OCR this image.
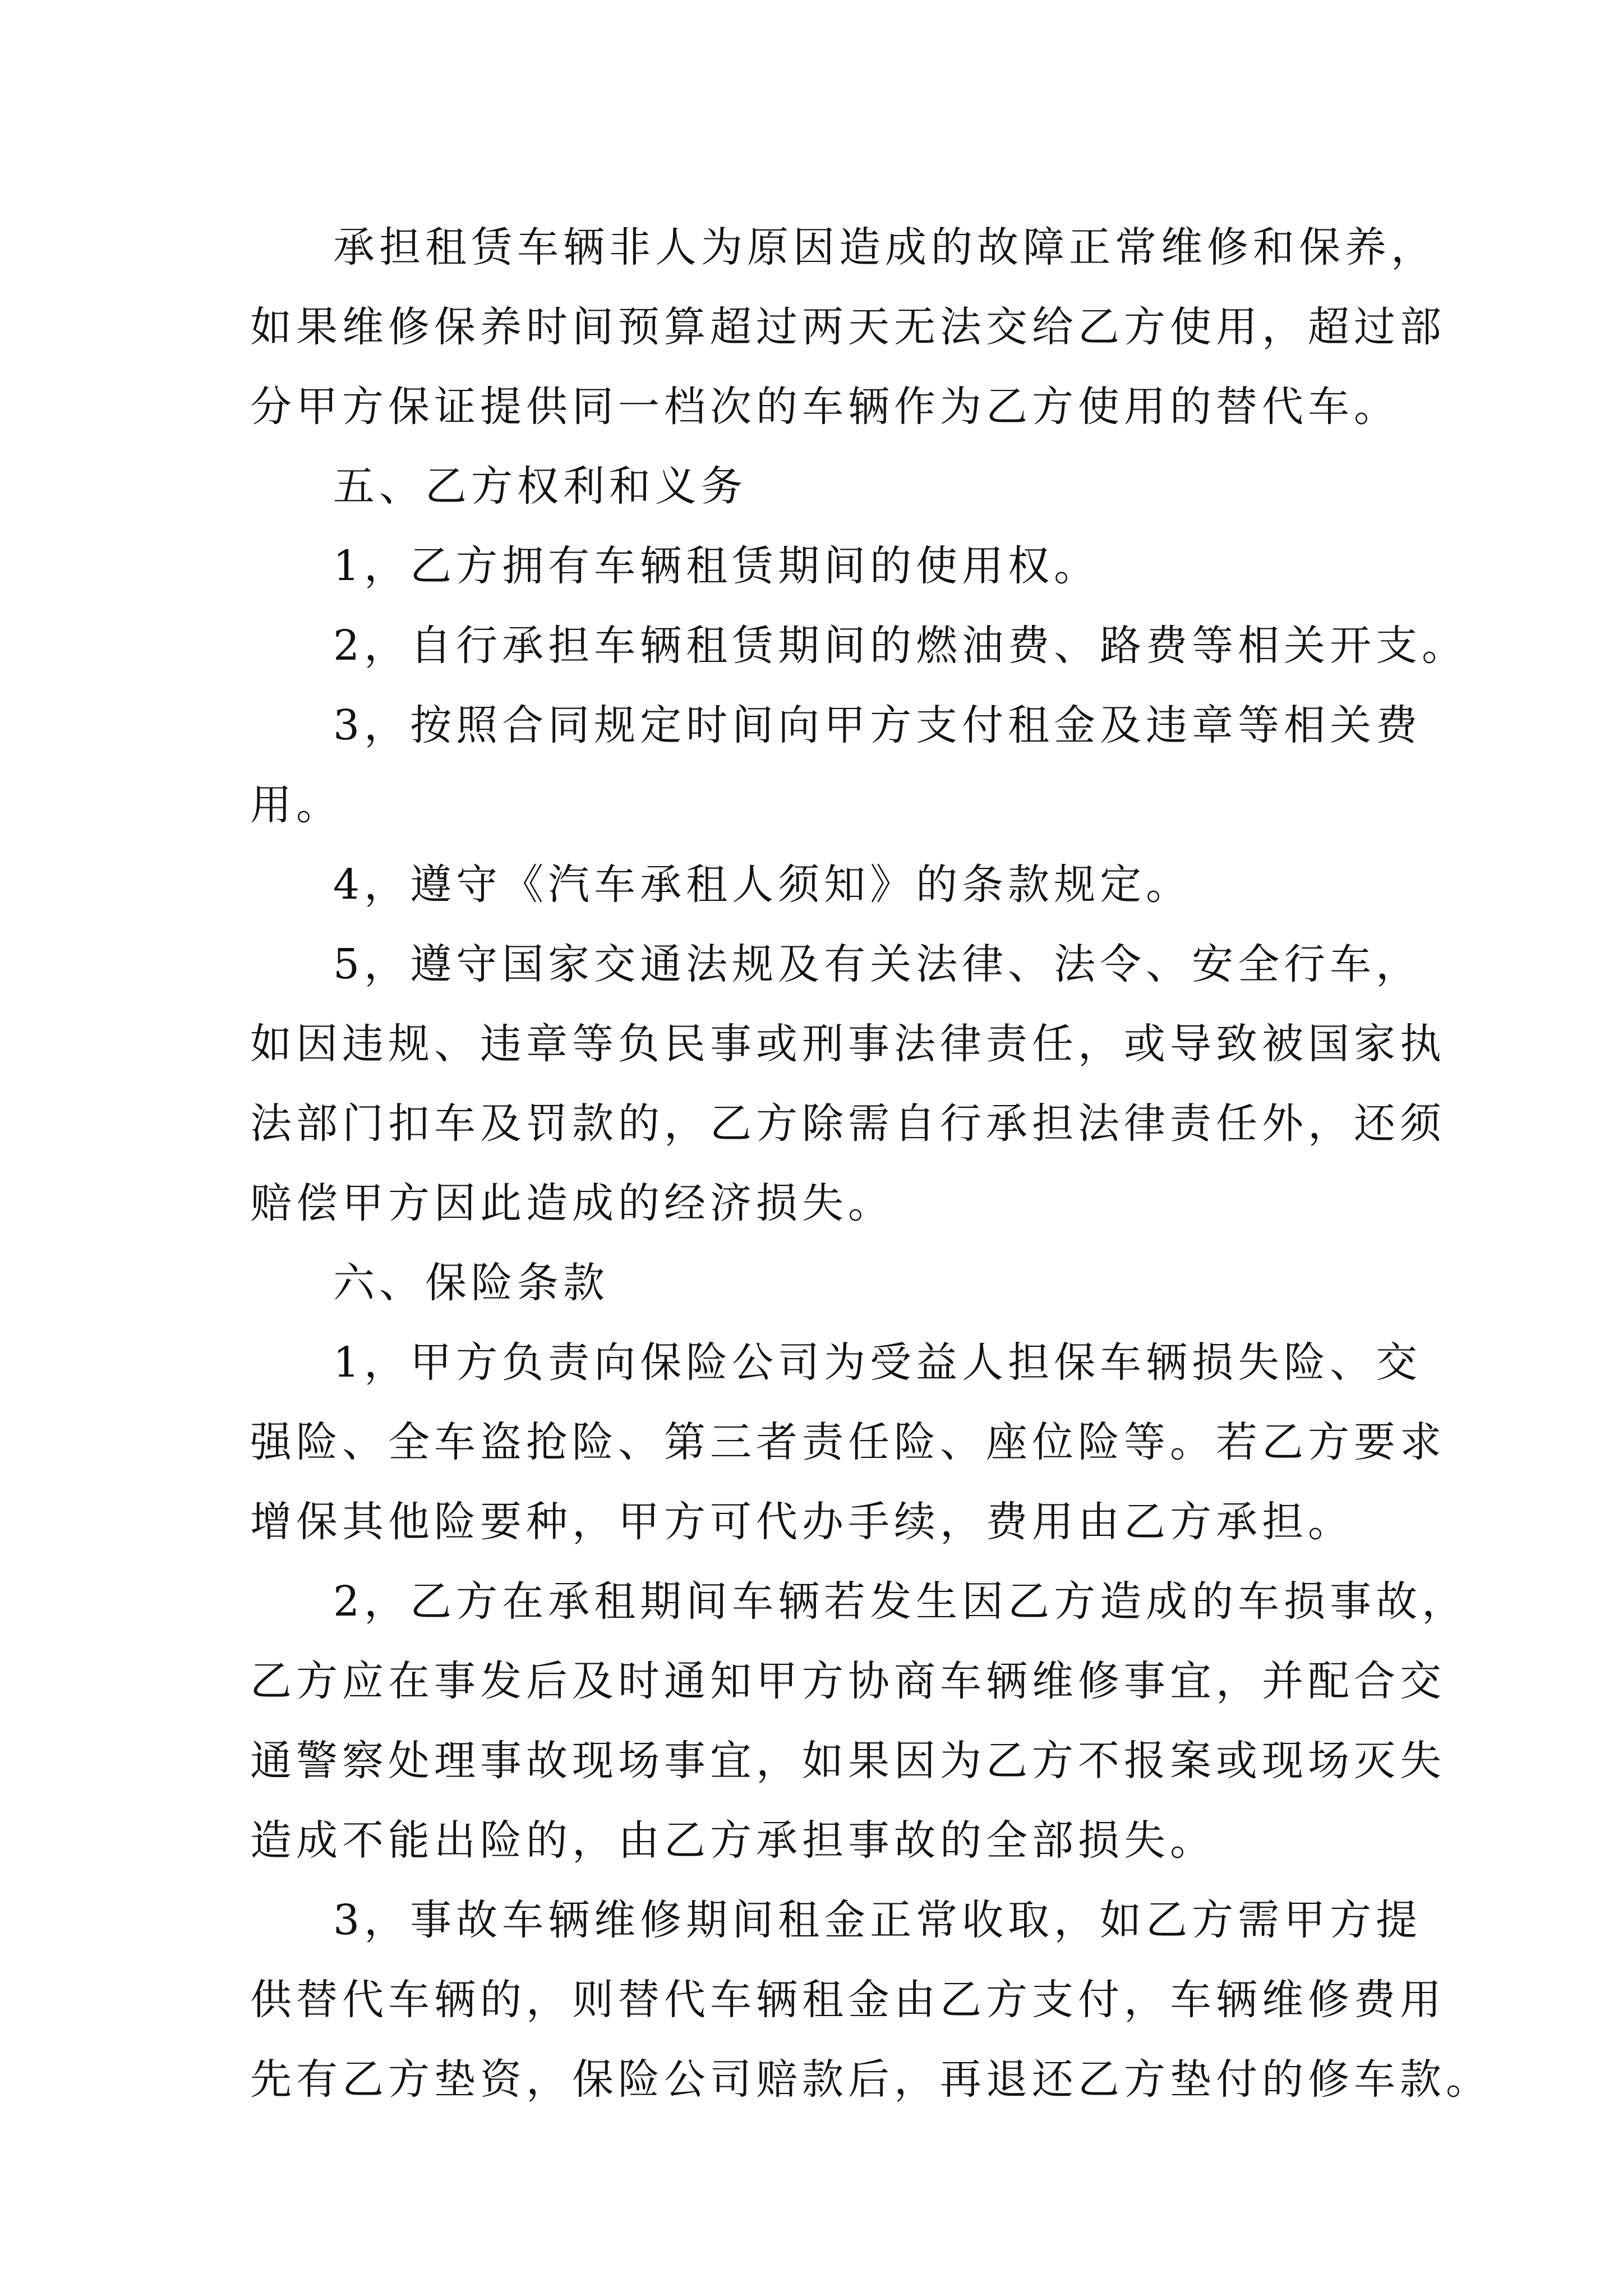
承担租赁车辆非人为原因造成的故障正常维修和保养，
如果维修保养时间预算超过两天无法交给乙方使用，超过部
分甲方保证提供同一档次的车辆作为乙方使用的替代车。
五、乙方权利和义务
1，乙方拥有车辆租赁期间的使用权。
2，自行承担车辆租赁期间的燃油费、路费等相关开支。
3，按照合同规定时间向甲方支付租金及违章等相关费
用。
4，遵守《汽车承租人须知》的条款规定。
5，遵守国家交通法规及有关法律、法令、安全行车，
如因违规、违章等负民事或刑事法律责任，或导致被国家执
法部门扣车及罚款的，乙方除需自行承担法律责任外，还须
赔偿甲方因此造成的经济损失。
六、保险条款
1，甲方负责向保险公司为受益人担保车辆损失险、交
强险、全车盗抢险、第三者责任险、座位险等。若乙方要求
增保其他险要种，甲方可代办手续，费用由乙方承担。
2，乙方在承租期间车辆若发生因乙方造成的车损事故，
乙方应在事发后及时通知甲方协商车辆维修事宜，并配合交
通警察处理事故现场事宜，如果因为乙方不报案或现场灭失
造成不能出险的，由乙方承担事故的全部损失。
3，事故车辆维修期间租金正常收取，如乙方需甲方提
供替代车辆的，则替代车辆租金由乙方支付，车辆维修费用
先有乙方垫资，保险公司赔款后，再退还乙方垫付的修车款。
